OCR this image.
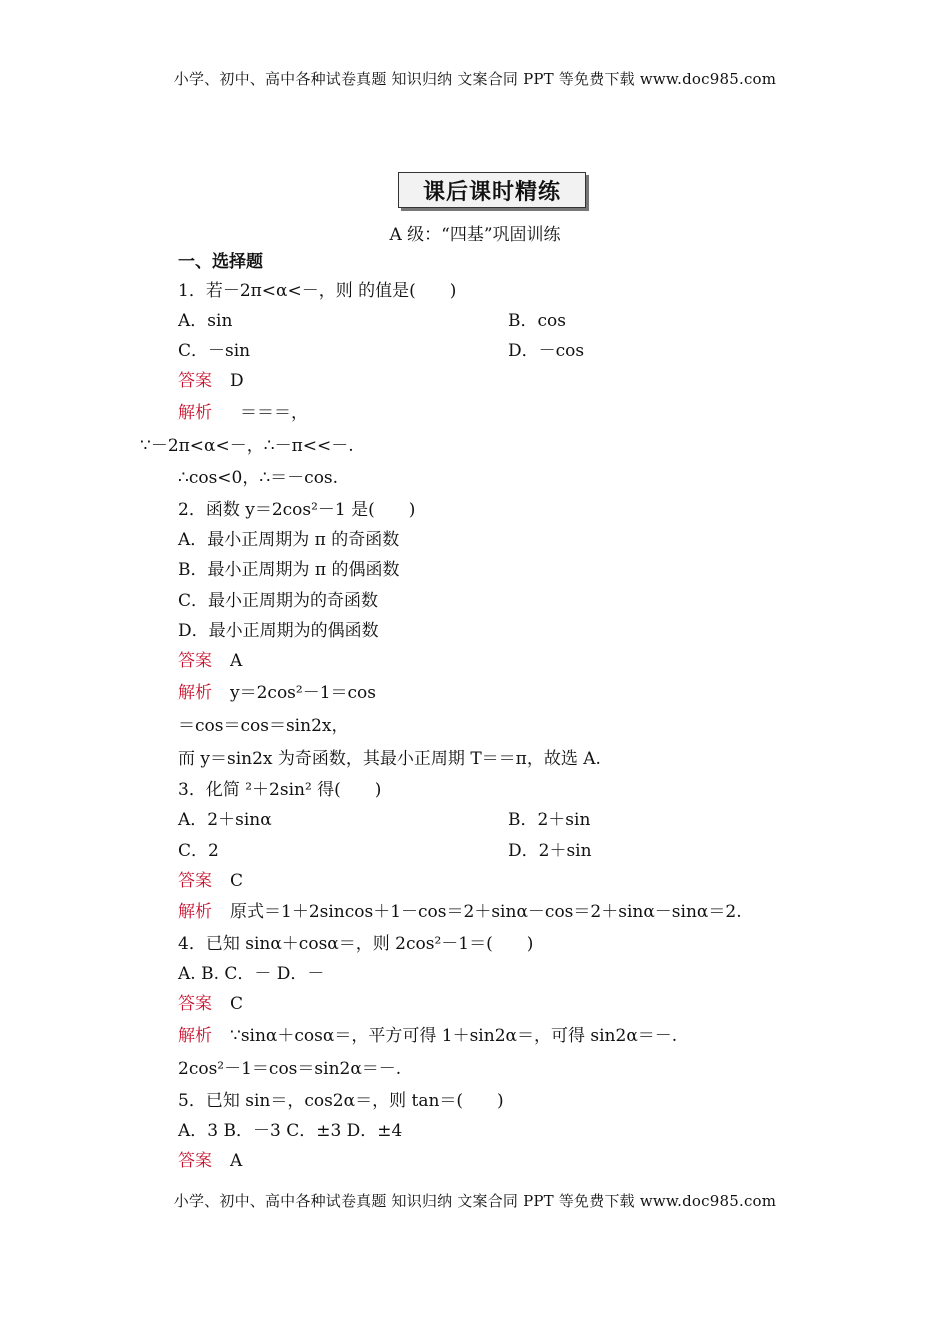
小学、初中、高中各种试卷真题 知识归纳 文案合同 PPT 等免费下载 www.doc985.com
课后课时精练
A 级：“四基”巩固训练
一、选择题
1．若－2π<α<－，则 的值是(　　)
A．sin	B．cos
C．－sin	D．－cos
答案 D
解析 ＝＝＝，
∵－2π<α<－，∴－π<<－.
∴cos<0，∴＝－cos.
2．函数 y＝2cos²－1 是(　　)
A．最小正周期为 π 的奇函数
B．最小正周期为 π 的偶函数
C．最小正周期为的奇函数
D．最小正周期为的偶函数
答案 A
解析 y＝2cos²－1＝cos
＝cos＝cos＝sin2x，
而 y＝sin2x 为奇函数，其最小正周期 T＝＝π，故选 A.
3．化简 ²＋2sin² 得(　　)
A．2＋sinα	B．2＋sin
C．2	D．2＋sin
答案 C
解析 原式＝1＋2sincos＋1－cos＝2＋sinα－cos＝2＋sinα－sinα＝2.
4．已知 sinα＋cosα＝，则 2cos²－1＝(　　)
A. B. C．－ D．－
答案 C
解析 ∵sinα＋cosα＝，平方可得 1＋sin2α＝，可得 sin2α＝－.
2cos²－1＝cos＝sin2α＝－.
5．已知 sin＝，cos2α＝，则 tan＝(　　)
A．3 B．－3 C．±3 D．±4
答案 A
小学、初中、高中各种试卷真题 知识归纳 文案合同 PPT 等免费下载 www.doc985.com
